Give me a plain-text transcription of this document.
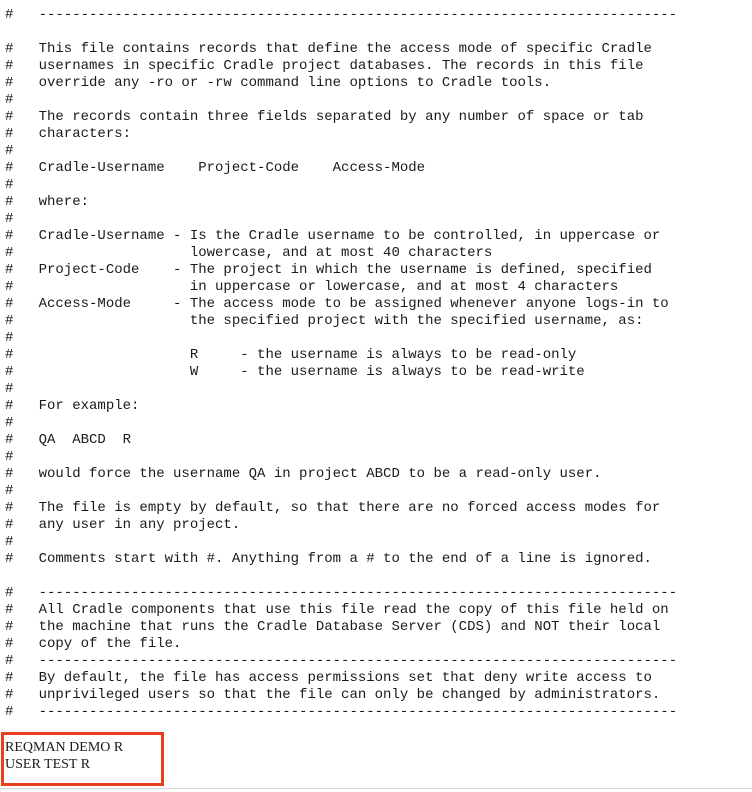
#   ----------------------------------------------------------------------------
#   This file contains records that define the access mode of specific Cradle
#   usernames in specific Cradle project databases. The records in this file
#   override any -ro or -rw command line options to Cradle tools.
#
#   The records contain three fields separated by any number of space or tab
#   characters:
#
#   Cradle-Username    Project-Code    Access-Mode
#
#   where:
#
#   Cradle-Username - Is the Cradle username to be controlled, in uppercase or
#                     lowercase, and at most 40 characters
#   Project-Code    - The project in which the username is defined, specified
#                     in uppercase or lowercase, and at most 4 characters
#   Access-Mode     - The access mode to be assigned whenever anyone logs-in to
#                     the specified project with the specified username, as:
#
#                     R     - the username is always to be read-only
#                     W     - the username is always to be read-write
#
#   For example:
#
#   QA  ABCD  R
#
#   would force the username QA in project ABCD to be a read-only user.
#
#   The file is empty by default, so that there are no forced access modes for
#   any user in any project.
#
#   Comments start with #. Anything from a # to the end of a line is ignored.
#   ----------------------------------------------------------------------------
#   All Cradle components that use this file read the copy of this file held on
#   the machine that runs the Cradle Database Server (CDS) and NOT their local
#   copy of the file.
#   ----------------------------------------------------------------------------
#   By default, the file has access permissions set that deny write access to
#   unprivileged users so that the file can only be changed by administrators.
#   ----------------------------------------------------------------------------
REQMAN DEMO R
USER TEST R
